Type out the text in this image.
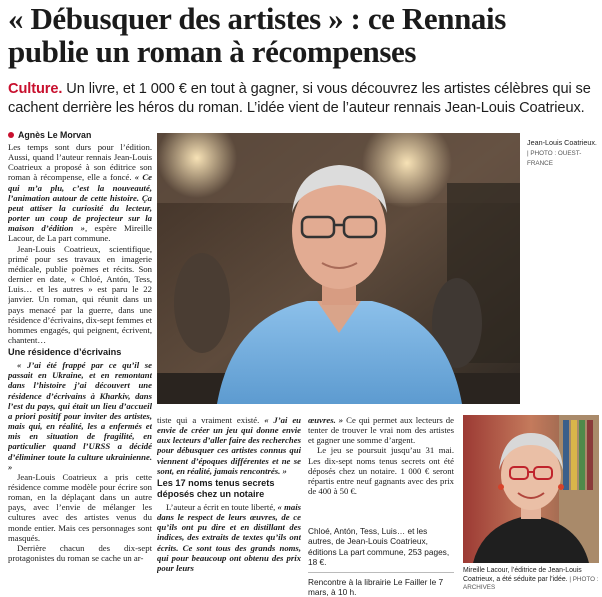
« Débusquer des artistes » : ce Rennais
publie un roman à récompenses
Culture. Un livre, et 1 000 € en tout à gagner, si vous découvrez les artistes célèbres qui se cachent derrière les héros du roman. L’idée vient de l’auteur rennais Jean-Louis Coatrieux.
Agnès Le Morvan

Les temps sont durs pour l’édition. Aussi, quand l’auteur rennais Jean-Louis Coatrieux a proposé à son éditrice son roman à récompense, elle a foncé. « Ce qui m’a plu, c’est la nouveauté, l’animation autour de cette histoire. Ça peut attiser la curiosité du lecteur, porter un coup de projecteur sur la maison d’édition », espère Mireille Lacour, de La part commune.

Jean-Louis Coatrieux, scientifique, primé pour ses travaux en imagerie médicale, publie poèmes et récits. Son dernier en date, « Chloé, Antón, Tess, Luis… et les autres » est paru le 22 janvier. Un roman, qui réunit dans un pays menacé par la guerre, dans une résidence d’écrivains, dix-sept femmes et hommes engagés, qui peignent, écrivent, chantent…

Une résidence d’écrivains

« J’ai été frappé par ce qu’il se passait en Ukraine, et en remontant dans l’histoire j’ai découvert une résidence d’écrivains à Kharkiv, dans l’est du pays, qui était un lieu d’accueil a priori positif pour inviter des artistes, mais qui, en réalité, les a enfermés et mis en situation de fragilité, en particulier quand l’URSS a décidé d’éliminer toute la culture ukrainienne. »

Jean-Louis Coatrieux a pris cette résidence comme modèle pour écrire son roman, en la déplaçant dans un autre pays, avec l’envie de mélanger les cultures avec des artistes venus du monde entier. Mais ces personnages sont masqués.

Derrière chacun des dix-sept protagonistes du roman se cache un ar-

Jean-Louis Coatrieux. | PHOTO : OUEST-FRANCE

tiste qui a vraiment existé. « J’ai eu envie de créer un jeu qui donne envie aux lecteurs d’aller faire des recherches pour débusquer ces artistes connus qui viennent d’époques différentes et ne se sont, en réalité, jamais rencontrés. »

Les 17 noms tenus secrets déposés chez un notaire

L’auteur a écrit en toute liberté, « mais dans le respect de leurs œuvres, de ce qu’ils ont pu dire et en distillant des indices, des extraits de textes qu’ils ont écrits. Ce sont tous des grands noms, qui pour beaucoup ont obtenu des prix pour leurs

œuvres. » Ce qui permet aux lecteurs de tenter de trouver le vrai nom des artistes et gagner une somme d’argent.

Le jeu se poursuit jusqu’au 31 mai. Les dix-sept noms tenus secrets ont été déposés chez un notaire. 1 000 € seront répartis entre neuf gagnants avec des prix de 400 à 50 €.

Chloé, Antón, Tess, Luis… et les autres, de Jean-Louis Coatrieux, éditions La part commune, 253 pages, 18 €.
Rencontre à la librairie Le Failler le 7 mars, à 10 h.
Mireille Lacour, l’éditrice de Jean-Louis Coatrieux, a été séduite par l’idée. | PHOTO : ARCHIVES
